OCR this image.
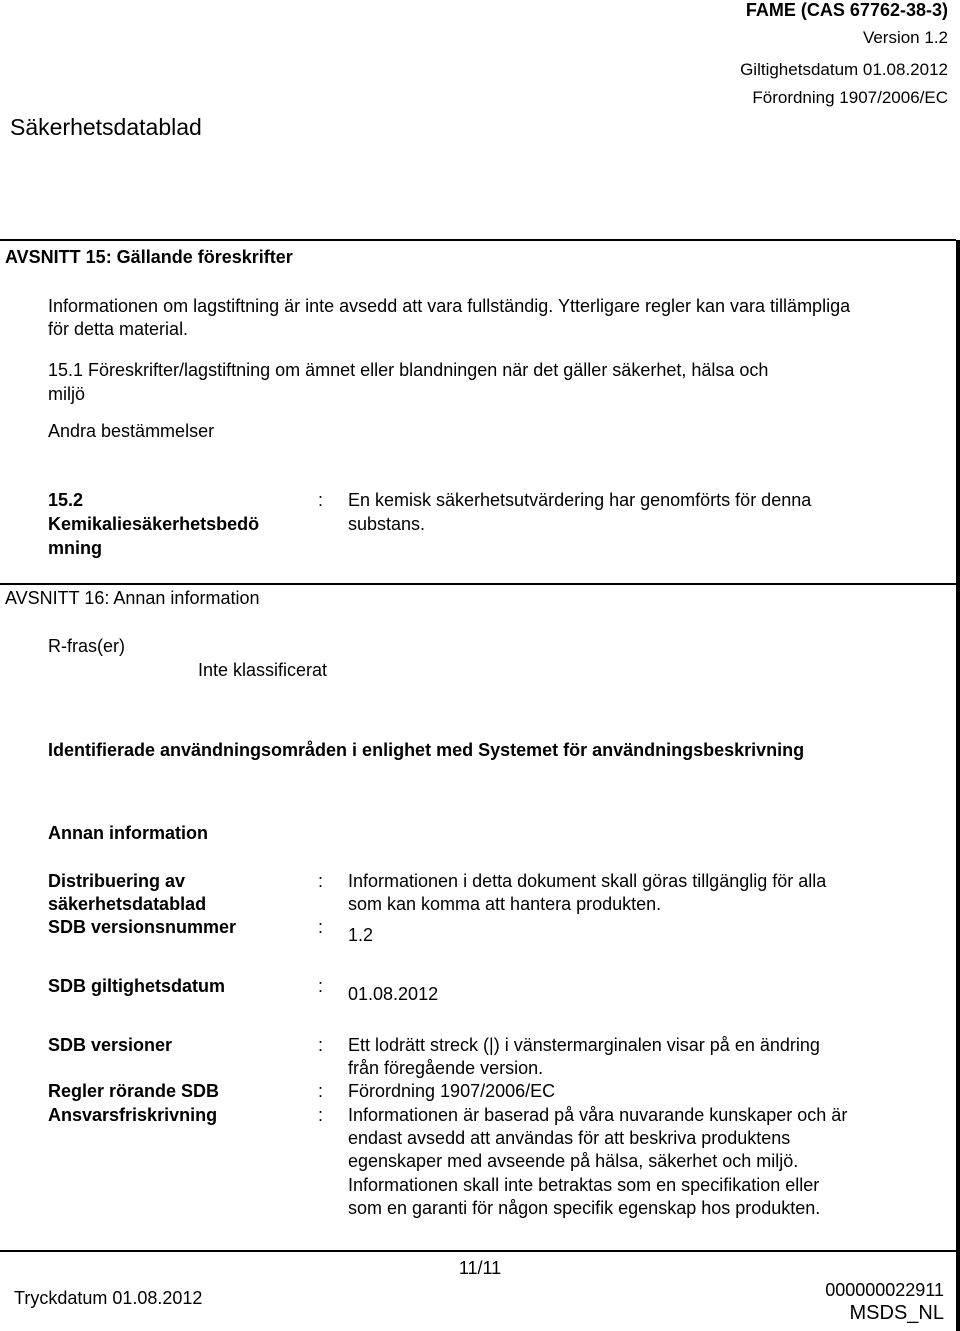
FAME (CAS 67762-38-3)
Version 1.2
Giltighetsdatum 01.08.2012
Förordning 1907/2006/EC
Säkerhetsdatablad
AVSNITT 15: Gällande föreskrifter
Informationen om lagstiftning är inte avsedd att vara fullständig. Ytterligare regler kan vara tillämpliga
för detta material.
15.1 Föreskrifter/lagstiftning om ämnet eller blandningen när det gäller säkerhet, hälsa och
miljö
Andra bestämmelser
15.2
Kemikaliesäkerhetsbedö
mning
: En kemisk säkerhetsutvärdering har genomförts för denna
substans.
AVSNITT 16: Annan information
R-fras(er)
Inte klassificerat
Identifierade användningsområden i enlighet med Systemet för användningsbeskrivning
Annan information
Distribuering av
säkerhetsdatablad
: Informationen i detta dokument skall göras tillgänglig för alla
som kan komma att hantera produkten.
SDB versionsnummer	: 1.2
SDB giltighetsdatum	: 01.08.2012
SDB versioner	: Ett lodrätt streck (|) i vänstermarginalen visar på en ändring
från föregående version.
Regler rörande SDB	: Förordning 1907/2006/EC
Ansvarsfriskrivning	: Informationen är baserad på våra nuvarande kunskaper och är
endast avsedd att användas för att beskriva produktens
egenskaper med avseende på hälsa, säkerhet och miljö.
Informationen skall inte betraktas som en specifikation eller
som en garanti för någon specifik egenskap hos produkten.
11/11
Tryckdatum 01.08.2012	000000022911
MSDS_NL
